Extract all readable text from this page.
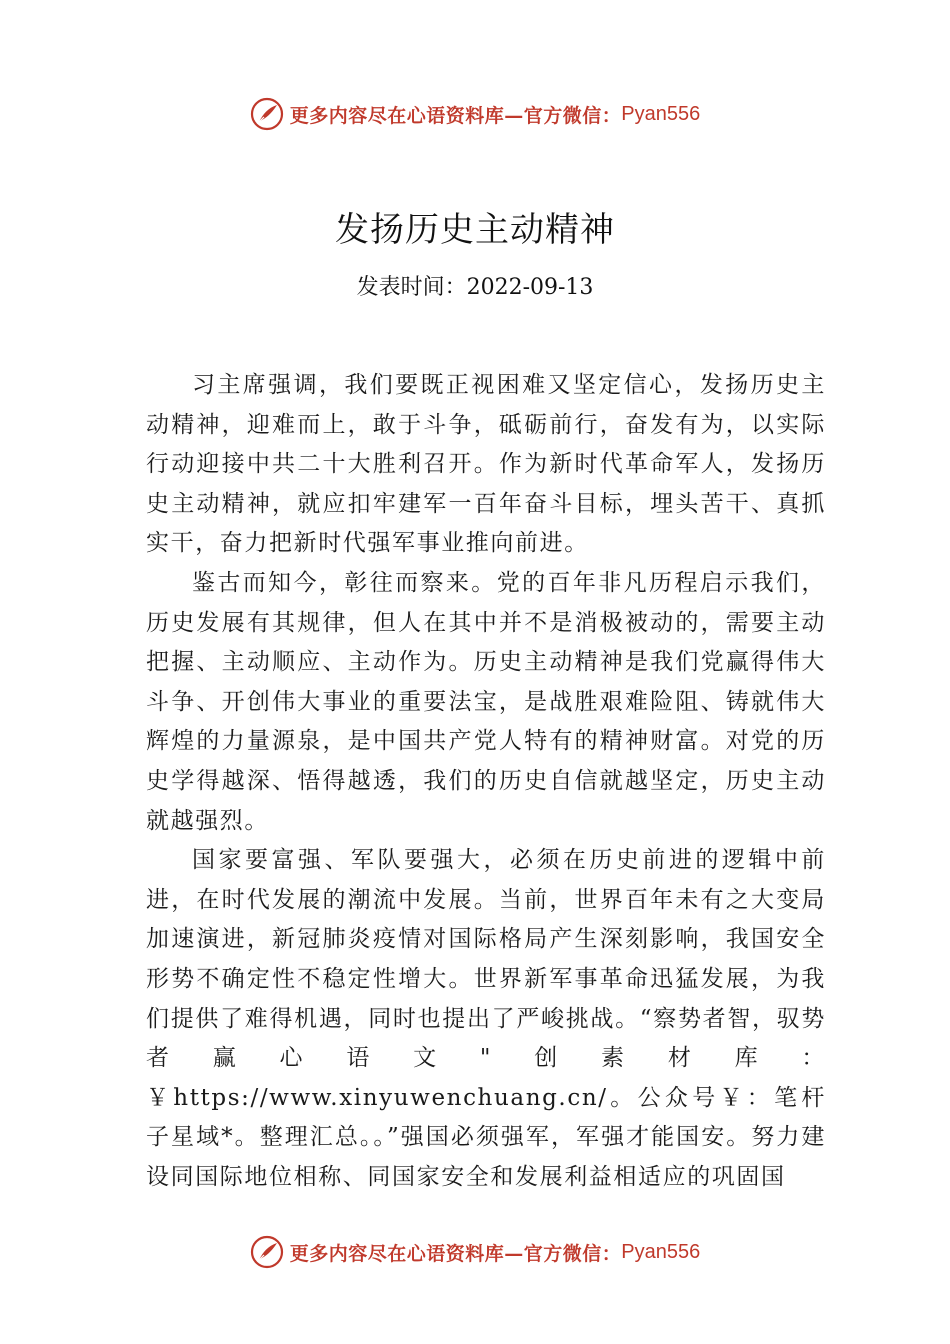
更多内容尽在心语资料库—官方微信： Pyan556
发扬历史主动精神
发表时间：2022-09-13

习主席强调，我们要既正视困难又坚定信心，发扬历史主动精神，迎难而上，敢于斗争，砥砺前行，奋发有为，以实际行动迎接中共二十大胜利召开。作为新时代革命军人，发扬历史主动精神，就应扣牢建军一百年奋斗目标，埋头苦干、真抓实干，奋力把新时代强军事业推向前进。

鉴古而知今，彰往而察来。党的百年非凡历程启示我们，历史发展有其规律，但人在其中并不是消极被动的，需要主动把握、主动顺应、主动作为。历史主动精神是我们党赢得伟大斗争、开创伟大事业的重要法宝，是战胜艰难险阻、铸就伟大辉煌的力量源泉，是中国共产党人特有的精神财富。对党的历史学得越深、悟得越透，我们的历史自信就越坚定，历史主动就越强烈。

国家要富强、军队要强大，必须在历史前进的逻辑中前进，在时代发展的潮流中发展。当前，世界百年未有之大变局加速演进，新冠肺炎疫情对国际格局产生深刻影响，我国安全形势不确定性不稳定性增大。世界新军事革命迅猛发展，为我们提供了难得机遇，同时也提出了严峻挑战。“察势者智，驭势者赢心语文"创素材库：￥https://www.xinyuwenchuang.cn/。公众号￥：笔杆子星域*。整理汇总。。”强国必须强军，军强才能国安。努力建设同国际地位相称、同国家安全和发展利益相适应的巩固国

更多内容尽在心语资料库—官方微信： Pyan556
